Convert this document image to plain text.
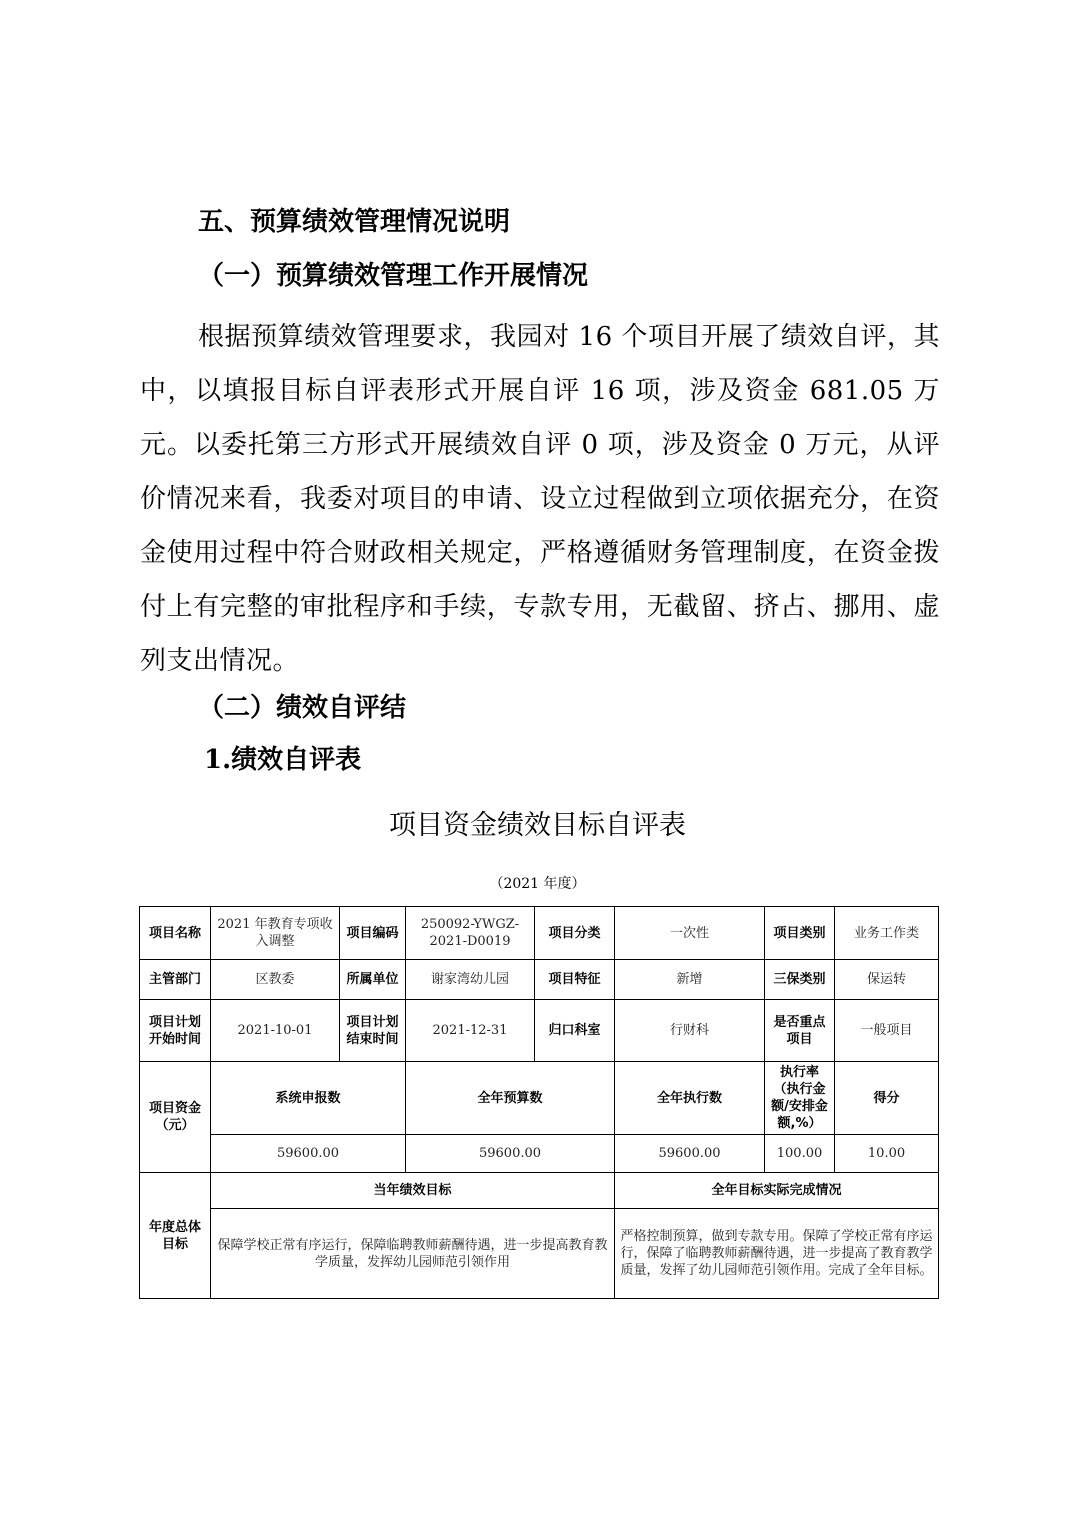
五、预算绩效管理情况说明
（一）预算绩效管理工作开展情况

根据预算绩效管理要求，我园对 16 个项目开展了绩效自评，其中，以填报目标自评表形式开展自评 16 项，涉及资金 681.05 万元。以委托第三方形式开展绩效自评 0 项，涉及资金 0 万元，从评价情况来看，我委对项目的申请、设立过程做到立项依据充分，在资金使用过程中符合财政相关规定，严格遵循财务管理制度，在资金拨付上有完整的审批程序和手续，专款专用，无截留、挤占、挪用、虚列支出情况。

（二）绩效自评结
1.绩效自评表
项目资金绩效目标自评表
（2021 年度）
项目名称	2021 年教育专项收入调整	项目编码	250092-YWGZ-2021-D0019	项目分类	一次性	项目类别	业务工作类
主管部门	区教委	所属单位	谢家湾幼儿园	项目特征	新增	三保类别	保运转
项目计划开始时间	2021-10-01	项目计划结束时间	2021-12-31	归口科室	行财科	是否重点项目	一般项目
项目资金（元）	系统申报数		全年预算数		全年执行数	执行率（执行金额/安排金额,%）	得分
	59600.00		59600.00		59600.00	100.00	10.00
年度总体目标	当年绩效目标				全年目标实际完成情况		
	保障学校正常有序运行，保障临聘教师薪酬待遇，进一步提高教育教学质量，发挥幼儿园师范引领作用				严格控制预算，做到专款专用。保障了学校正常有序运行，保障了临聘教师薪酬待遇，进一步提高了教育教学质量，发挥了幼儿园师范引领作用。完成了全年目标。		
